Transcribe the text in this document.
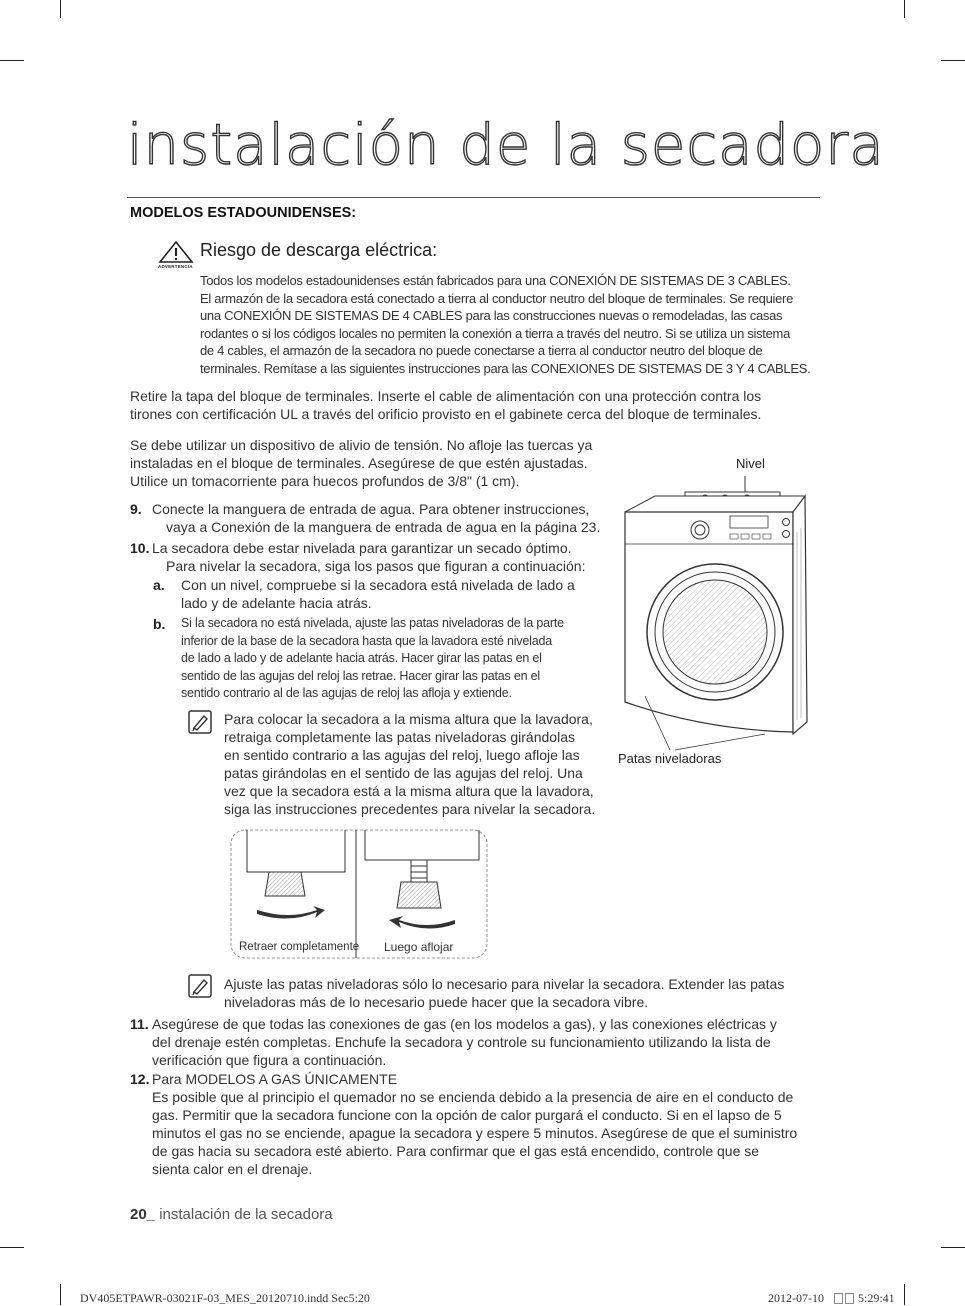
instalación de la secadora
MODELOS ESTADOUNIDENSES:
ADVERTENCIA
Riesgo de descarga eléctrica:
Todos los modelos estadounidenses están fabricados para una CONEXIÓN DE SISTEMAS DE 3 CABLES.
El armazón de la secadora está conectado a tierra al conductor neutro del bloque de terminales. Se requiere
una CONEXIÓN DE SISTEMAS DE 4 CABLES para las construcciones nuevas o remodeladas, las casas
rodantes o si los códigos locales no permiten la conexión a tierra a través del neutro. Si se utiliza un sistema
de 4 cables, el armazón de la secadora no puede conectarse a tierra al conductor neutro del bloque de
terminales. Remítase a las siguientes instrucciones para las CONEXIONES DE SISTEMAS DE 3 Y 4 CABLES.
Retire la tapa del bloque de terminales. Inserte el cable de alimentación con una protección contra los
tirones con certificación UL a través del orificio provisto en el gabinete cerca del bloque de terminales.
Se debe utilizar un dispositivo de alivio de tensión. No afloje las tuercas ya
instaladas en el bloque de terminales. Asegúrese de que estén ajustadas.
Utilice un tomacorriente para huecos profundos de 3/8" (1 cm).
9. Conecte la manguera de entrada de agua. Para obtener instrucciones,
vaya a Conexión de la manguera de entrada de agua en la página 23.
10. La secadora debe estar nivelada para garantizar un secado óptimo.
Para nivelar la secadora, siga los pasos que figuran a continuación:
a. Con un nivel, compruebe si la secadora está nivelada de lado a
lado y de adelante hacia atrás.
b. Si la secadora no está nivelada, ajuste las patas niveladoras de la parte
inferior de la base de la secadora hasta que la lavadora esté nivelada
de lado a lado y de adelante hacia atrás. Hacer girar las patas en el
sentido de las agujas del reloj las retrae. Hacer girar las patas en el
sentido contrario al de las agujas de reloj las afloja y extiende.
Para colocar la secadora a la misma altura que la lavadora,
retraiga completamente las patas niveladoras girándolas
en sentido contrario a las agujas del reloj, luego afloje las
patas girándolas en el sentido de las agujas del reloj. Una
vez que la secadora está a la misma altura que la lavadora,
siga las instrucciones precedentes para nivelar la secadora.
Nivel
Patas niveladoras
Retraer completamente Luego aflojar
Ajuste las patas niveladoras sólo lo necesario para nivelar la secadora. Extender las patas
niveladoras más de lo necesario puede hacer que la secadora vibre.
11. Asegúrese de que todas las conexiones de gas (en los modelos a gas), y las conexiones eléctricas y
del drenaje estén completas. Enchufe la secadora y controle su funcionamiento utilizando la lista de
verificación que figura a continuación.
12. Para MODELOS A GAS ÚNICAMENTE
Es posible que al principio el quemador no se encienda debido a la presencia de aire en el conducto de
gas. Permitir que la secadora funcione con la opción de calor purgará el conducto. Si en el lapso de 5
minutos el gas no se enciende, apague la secadora y espere 5 minutos. Asegúrese de que el suministro
de gas hacia su secadora esté abierto. Para confirmar que el gas está encendido, controle que se
sienta calor en el drenaje.
20_ instalación de la secadora
DV405ETPAWR-03021F-03_MES_20120710.indd Sec5:20	2012-07-10	5:29:41
